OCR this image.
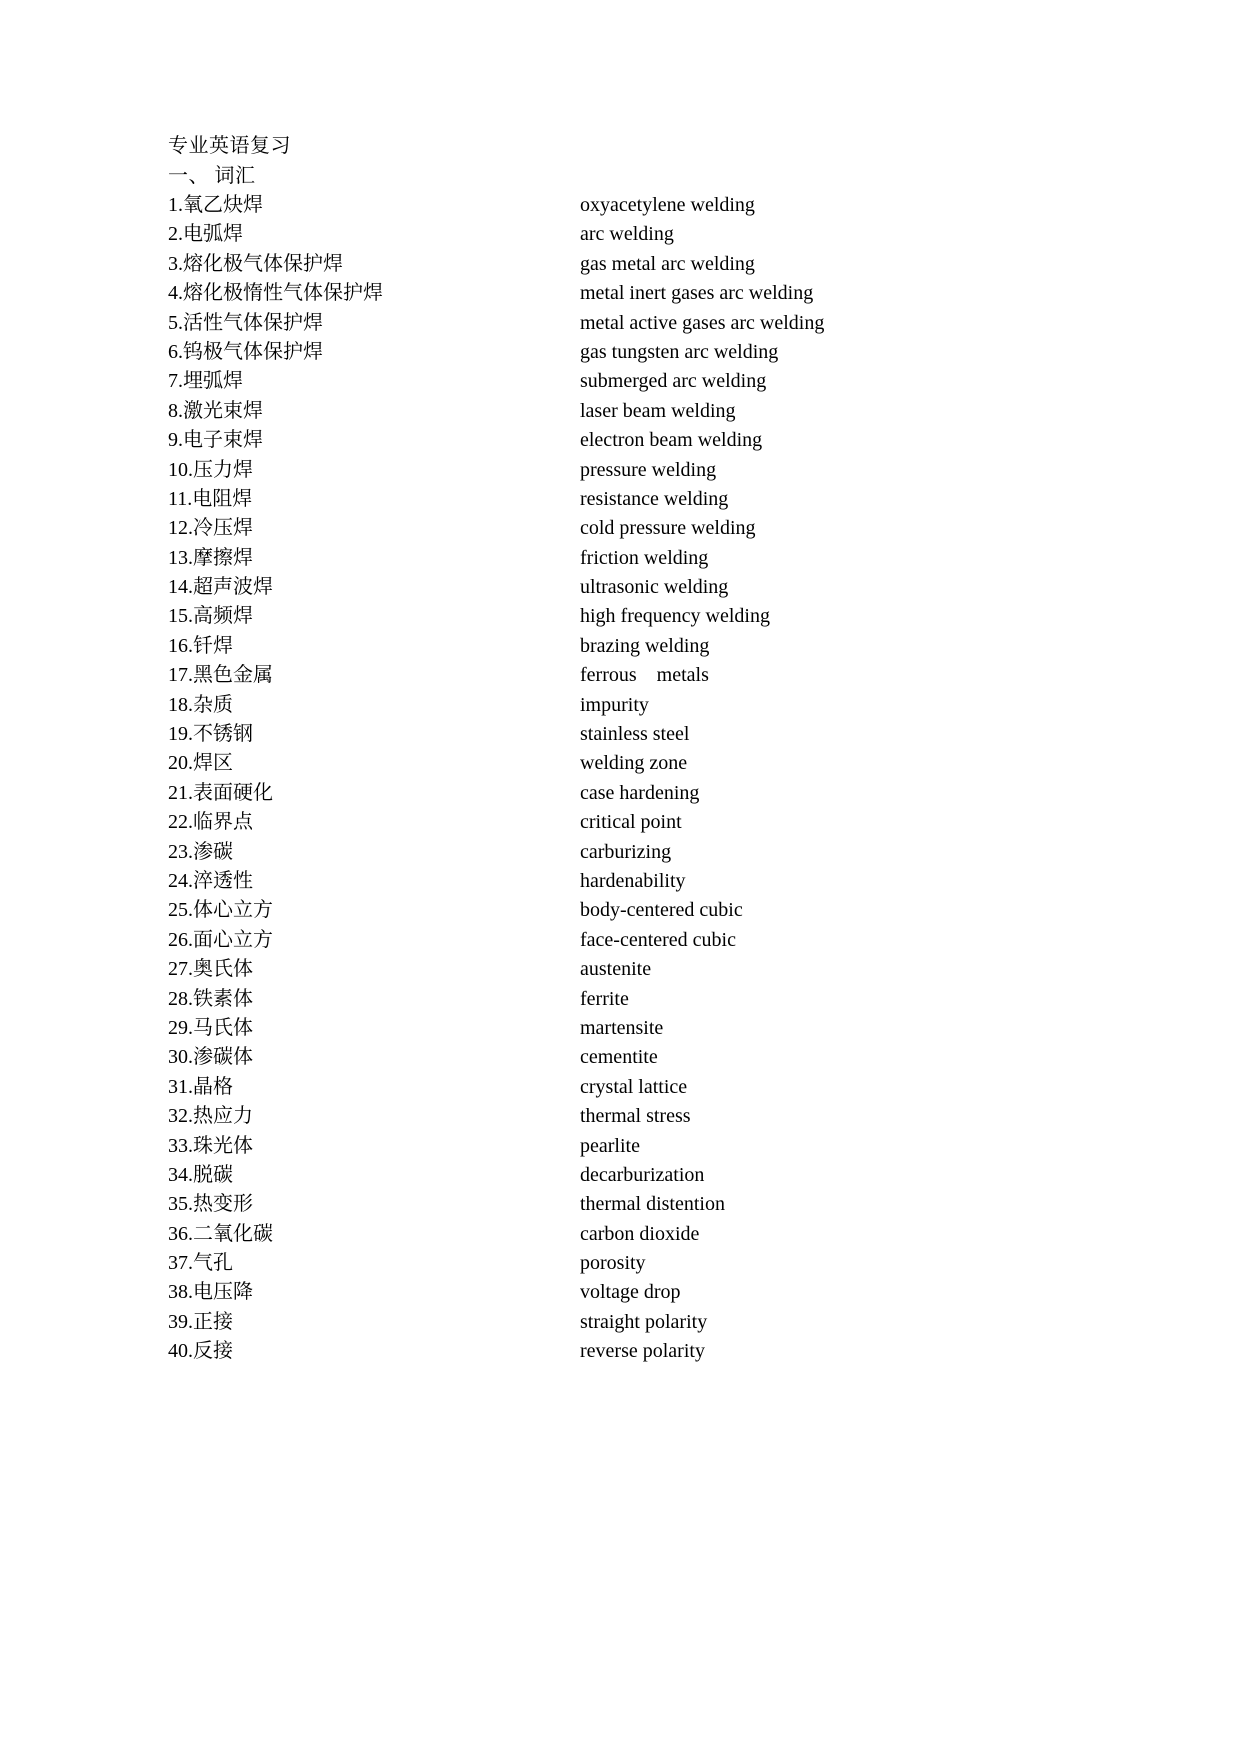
专业英语复习
一、 词汇
1.氧乙炔焊	oxyacetylene welding
2.电弧焊	arc welding
3.熔化极气体保护焊	gas metal arc welding
4.熔化极惰性气体保护焊	metal inert gases arc welding
5.活性气体保护焊	metal active gases arc welding
6.钨极气体保护焊	gas tungsten arc welding
7.埋弧焊	submerged arc welding
8.激光束焊	laser beam welding
9.电子束焊	electron beam welding
10.压力焊	pressure welding
11.电阻焊	resistance welding
12.冷压焊	cold pressure welding
13.摩擦焊	friction welding
14.超声波焊	ultrasonic welding
15.高频焊	high frequency welding
16.钎焊	brazing welding
17.黑色金属	ferrous    metals
18.杂质	impurity
19.不锈钢	stainless steel
20.焊区	welding zone
21.表面硬化	case hardening
22.临界点	critical point
23.渗碳	carburizing
24.淬透性	hardenability
25.体心立方	body-centered cubic
26.面心立方	face-centered cubic
27.奥氏体	austenite
28.铁素体	ferrite
29.马氏体	martensite
30.渗碳体	cementite
31.晶格	crystal lattice
32.热应力	thermal stress
33.珠光体	pearlite
34.脱碳	decarburization
35.热变形	thermal distention
36.二氧化碳	carbon dioxide
37.气孔	porosity
38.电压降	voltage drop
39.正接	straight polarity
40.反接	reverse polarity
